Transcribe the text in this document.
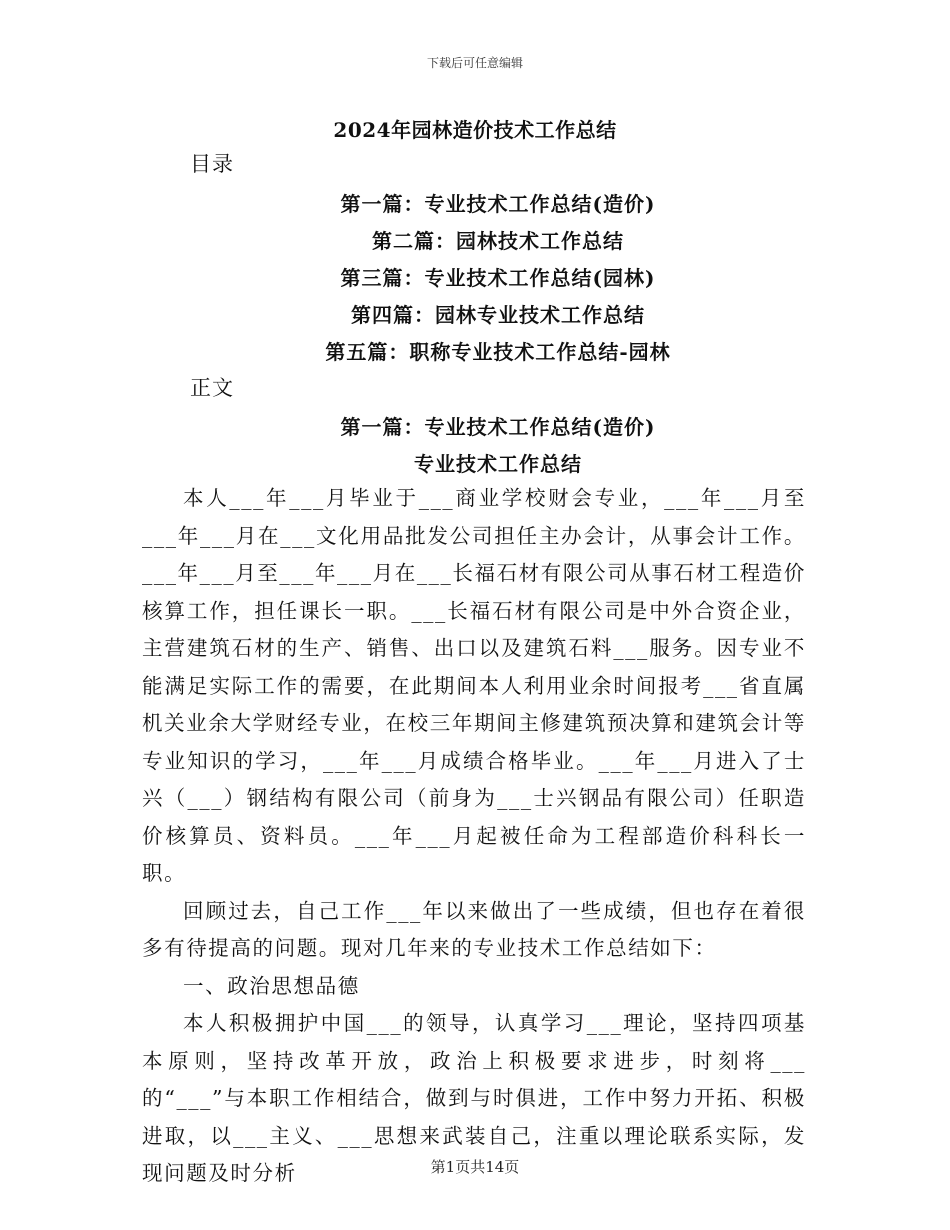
下载后可任意编辑
2024年园林造价技术工作总结
目录
第一篇：专业技术工作总结(造价)
第二篇：园林技术工作总结
第三篇：专业技术工作总结(园林)
第四篇：园林专业技术工作总结
第五篇：职称专业技术工作总结-园林
正文
第一篇：专业技术工作总结(造价)
专业技术工作总结

本人___年___月毕业于___商业学校财会专业，___年___月至___年___月在___文化用品批发公司担任主办会计，从事会计工作。___年___月至___年___月在___长福石材有限公司从事石材工程造价核算工作，担任课长一职。___长福石材有限公司是中外合资企业，主营建筑石材的生产、销售、出口以及建筑石料___服务。因专业不能满足实际工作的需要，在此期间本人利用业余时间报考___省直属机关业余大学财经专业，在校三年期间主修建筑预决算和建筑会计等专业知识的学习，___年___月成绩合格毕业。___年___月进入了士兴（___）钢结构有限公司（前身为___士兴钢品有限公司）任职造价核算员、资料员。___年___月起被任命为工程部造价科科长一职。

回顾过去，自己工作___年以来做出了一些成绩，但也存在着很多有待提高的问题。现对几年来的专业技术工作总结如下：

一、政治思想品德

本人积极拥护中国___的领导，认真学习___理论，坚持四项基本原则，坚持改革开放，政治上积极要求进步，时刻将___的“___”与本职工作相结合，做到与时俱进，工作中努力开拓、积极进取，以___主义、___思想来武装自己，注重以理论联系实际，发现问题及时分析	第1页共14页
